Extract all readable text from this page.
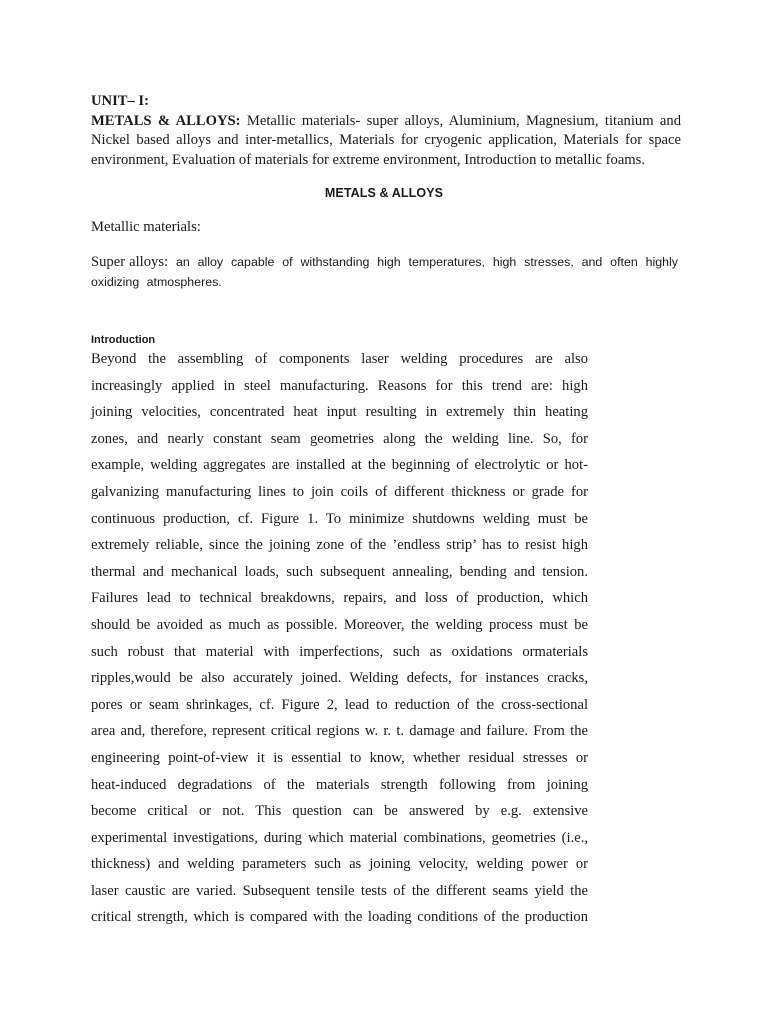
UNIT– I:
METALS & ALLOYS: Metallic materials- super alloys, Aluminium, Magnesium, titanium and Nickel based alloys and inter-metallics, Materials for cryogenic application, Materials for space environment, Evaluation of materials for extreme environment, Introduction to metallic foams.
METALS & ALLOYS
Metallic materials:
Super alloys: an alloy capable of withstanding high temperatures, high stresses, and often highly oxidizing atmospheres.
Introduction
Beyond the assembling of components laser welding procedures are also
increasingly applied in steel manufacturing. Reasons for this trend are: high
joining velocities, concentrated heat input resulting in extremely thin heating
zones, and nearly constant seam geometries along the welding line. So, for
example, welding aggregates are installed at the beginning of electrolytic or hot-
galvanizing manufacturing lines to join coils of different thickness or grade for
continuous production, cf. Figure 1. To minimize shutdowns welding must be
extremely reliable, since the joining zone of the ’endless strip’ has to resist high
thermal and mechanical loads, such subsequent annealing, bending and tension.
Failures lead to technical breakdowns, repairs, and loss of production, which
should be avoided as much as possible. Moreover, the welding process must be
such robust that material with imperfections, such as oxidations ormaterials
ripples,would be also accurately joined. Welding defects, for instances cracks,
pores or seam shrinkages, cf. Figure 2, lead to reduction of the cross-sectional
area and, therefore, represent critical regions w. r. t. damage and failure. From the
engineering point-of-view it is essential to know, whether residual stresses or
heat-induced degradations of the materials strength following from joining
become critical or not. This question can be answered by e.g. extensive
experimental investigations, during which material combinations, geometries (i.e.,
thickness) and welding parameters such as joining velocity, welding power or
laser caustic are varied. Subsequent tensile tests of the different seams yield the
critical strength, which is compared with the loading conditions of the production
